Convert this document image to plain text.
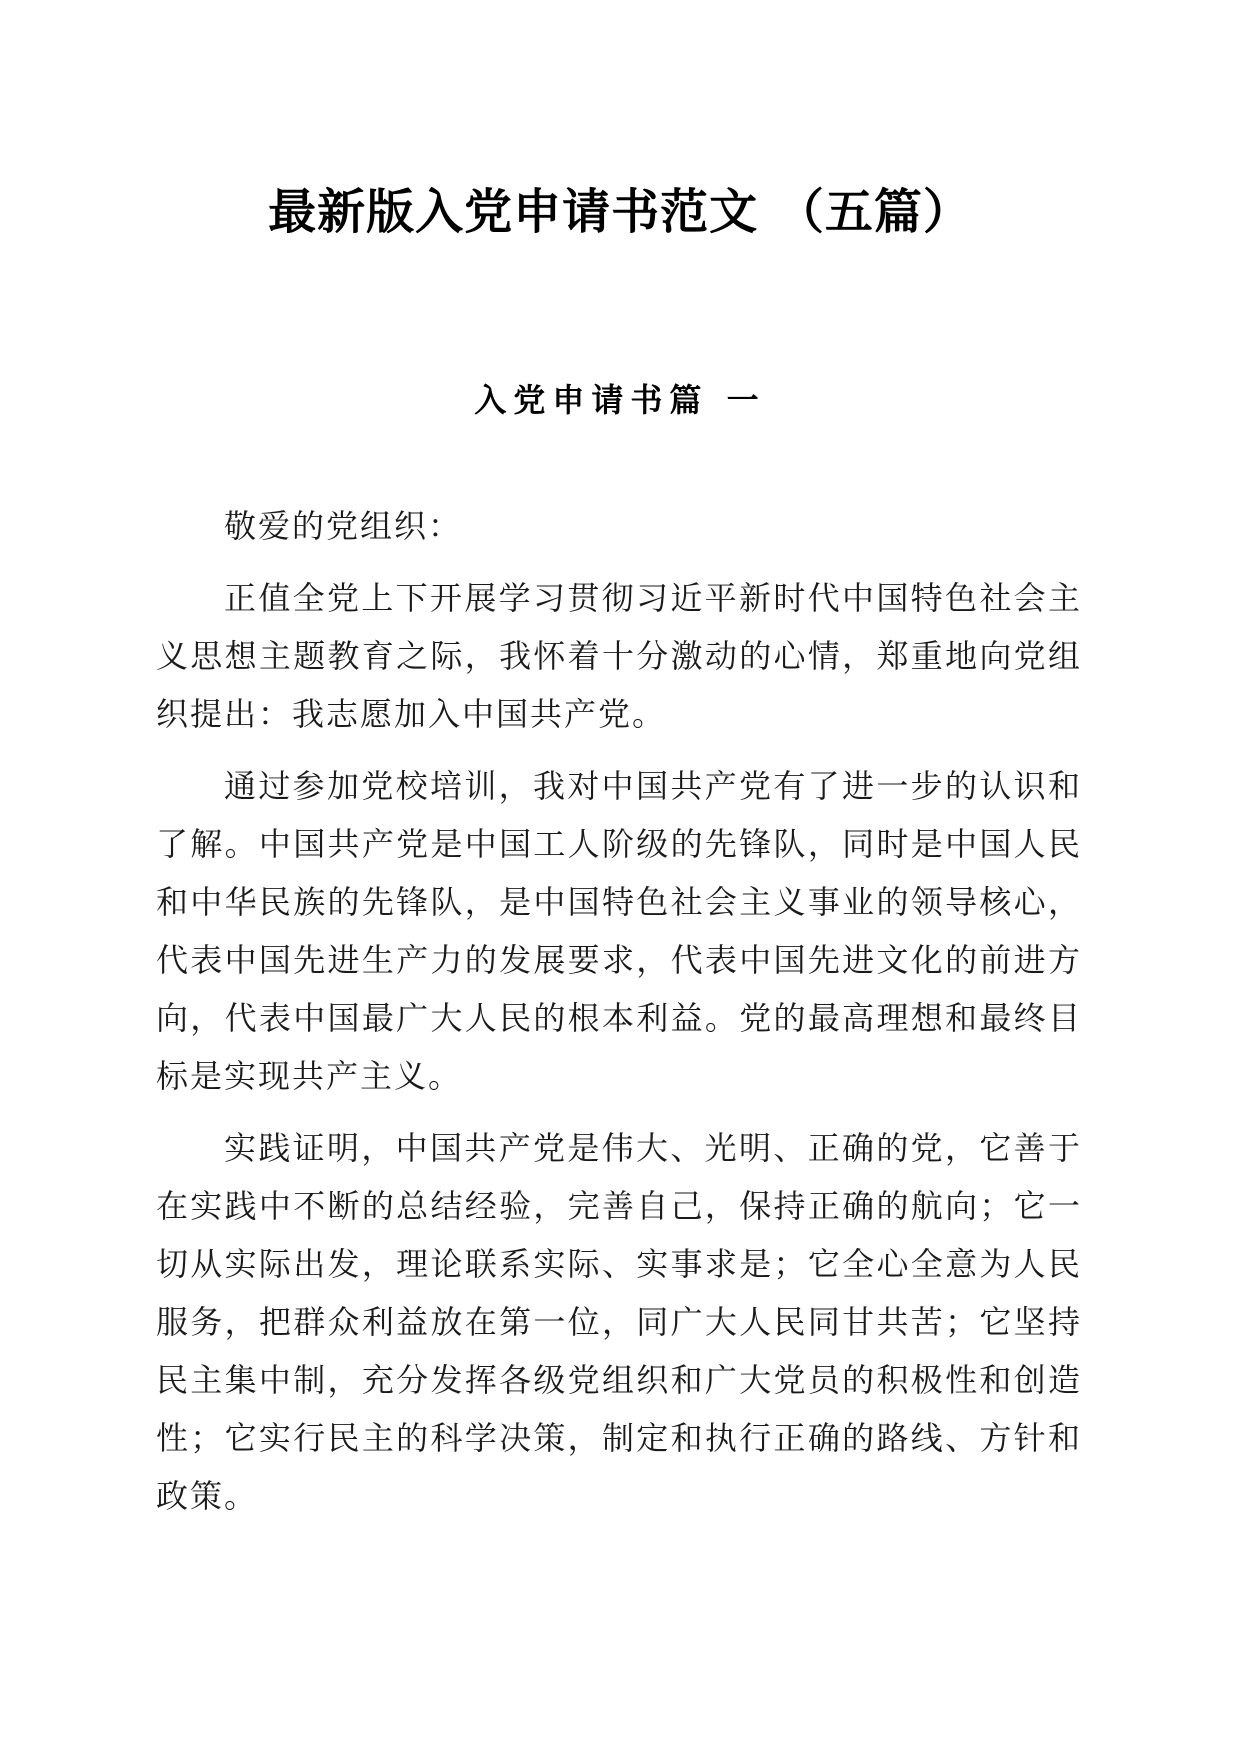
最新版入党申请书范文 （五篇）
入党申请书篇 一

敬爱的党组织：

正值全党上下开展学习贯彻习近平新时代中国特色社会主义思想主题教育之际，我怀着十分激动的心情，郑重地向党组织提出：我志愿加入中国共产党。

通过参加党校培训，我对中国共产党有了进一步的认识和了解。中国共产党是中国工人阶级的先锋队，同时是中国人民和中华民族的先锋队，是中国特色社会主义事业的领导核心，代表中国先进生产力的发展要求，代表中国先进文化的前进方向，代表中国最广大人民的根本利益。党的最高理想和最终目标是实现共产主义。

实践证明，中国共产党是伟大、光明、正确的党，它善于在实践中不断的总结经验，完善自己，保持正确的航向；它一切从实际出发，理论联系实际、实事求是；它全心全意为人民服务，把群众利益放在第一位，同广大人民同甘共苦；它坚持民主集中制，充分发挥各级党组织和广大党员的积极性和创造性；它实行民主的科学决策，制定和执行正确的路线、方针和政策。
